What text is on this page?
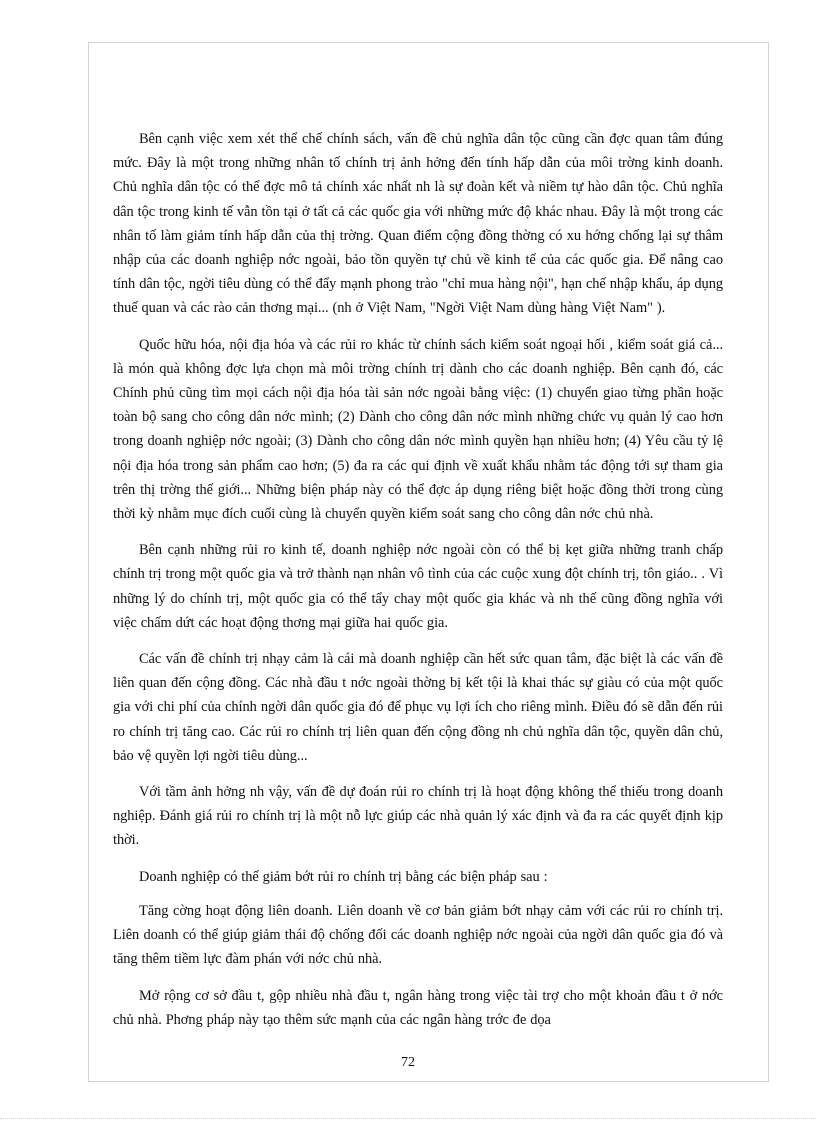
Bên cạnh việc xem xét thể chế chính sách, vấn đề chủ nghĩa dân tộc cũng cần đợc quan tâm đúng mức. Đây là một trong những nhân tố chính trị ảnh hởng đến tính hấp dẫn của môi trờng kinh doanh. Chủ nghĩa dân tộc có thể đợc mô tả chính xác nhất nh là sự đoàn kết và niềm tự hào dân tộc. Chủ nghĩa dân tộc trong kinh tế vẫn tồn tại ở tất cả các quốc gia với những mức độ khác nhau. Đây là một trong các nhân tố làm giảm tính hấp dẫn của thị trờng. Quan điểm cộng đồng thờng có xu hớng chống lại sự thâm nhập của các doanh nghiệp nớc ngoài, bảo tồn quyền tự chủ về kinh tế của các quốc gia. Để nâng cao tính dân tộc, ngời tiêu dùng có thể đẩy mạnh phong trào "chỉ mua hàng nội", hạn chế nhập khẩu, áp dụng thuế quan và các rào cản thơng mại... (nh ở Việt Nam, "Ngời Việt Nam dùng hàng Việt Nam" ).

Quốc hữu hóa, nội địa hóa và các rủi ro khác từ chính sách kiểm soát ngoại hối , kiểm soát giá cả... là món quà không đợc lựa chọn mà môi trờng chính trị dành cho các doanh nghiệp. Bên cạnh đó, các Chính phủ cũng tìm mọi cách nội địa hóa tài sản nớc ngoài bằng việc: (1) chuyển giao từng phần hoặc toàn bộ sang cho công dân nớc mình; (2) Dành cho công dân nớc mình những chức vụ quản lý cao hơn trong doanh nghiệp nớc ngoài; (3) Dành cho công dân nớc mình quyền hạn nhiều hơn; (4) Yêu cầu tỷ lệ nội địa hóa trong sản phẩm cao hơn; (5) đa ra các qui định về xuất khẩu nhằm tác động tới sự tham gia trên thị trờng thế giới... Những biện pháp này có thể đợc áp dụng riêng biệt hoặc đồng thời trong cùng thời kỳ nhằm mục đích cuối cùng là chuyển quyền kiểm soát sang cho công dân nớc chủ nhà.

Bên cạnh những rủi ro kinh tế, doanh nghiệp nớc ngoài còn có thể bị kẹt giữa những tranh chấp chính trị trong một quốc gia và trở thành nạn nhân vô tình của các cuộc xung đột chính trị, tôn giáo.. . Vì những lý do chính trị, một quốc gia có thể tẩy chay một quốc gia khác và nh thế cũng đồng nghĩa với việc chấm dứt các hoạt động thơng mại giữa hai quốc gia.

Các vấn đề chính trị nhạy cảm là cái mà doanh nghiệp cần hết sức quan tâm, đặc biệt là các vấn đề liên quan đến cộng đồng. Các nhà đầu t nớc ngoài thờng bị kết tội là khai thác sự giàu có của một quốc gia với chi phí của chính ngời dân quốc gia đó để phục vụ lợi ích cho riêng mình. Điều đó sẽ dẫn đến rủi ro chính trị tăng cao. Các rủi ro chính trị liên quan đến cộng đồng nh chủ nghĩa dân tộc, quyền dân chủ, bảo vệ quyền lợi ngời tiêu dùng...

Với tầm ảnh hởng nh vậy, vấn đề dự đoán rủi ro chính trị là hoạt động không thể thiếu trong doanh nghiệp. Đánh giá rủi ro chính trị là một nỗ lực giúp các nhà quản lý xác định và đa ra các quyết định kịp thời.

Doanh nghiệp có thể giảm bớt rủi ro chính trị bằng các biện pháp sau :

Tăng cờng hoạt động liên doanh. Liên doanh về cơ bản giảm bớt nhạy cảm với các rủi ro chính trị. Liên doanh có thể giúp giảm thái độ chống đối các doanh nghiệp nớc ngoài của ngời dân quốc gia đó và tăng thêm tiềm lực đàm phán với nớc chủ nhà.

Mở rộng cơ sở đầu t, gộp nhiều nhà đầu t, ngân hàng trong việc tài trợ cho một khoản đầu t ở nớc chủ nhà. Phơng pháp này tạo thêm sức mạnh của các ngân hàng trớc đe dọa

72
